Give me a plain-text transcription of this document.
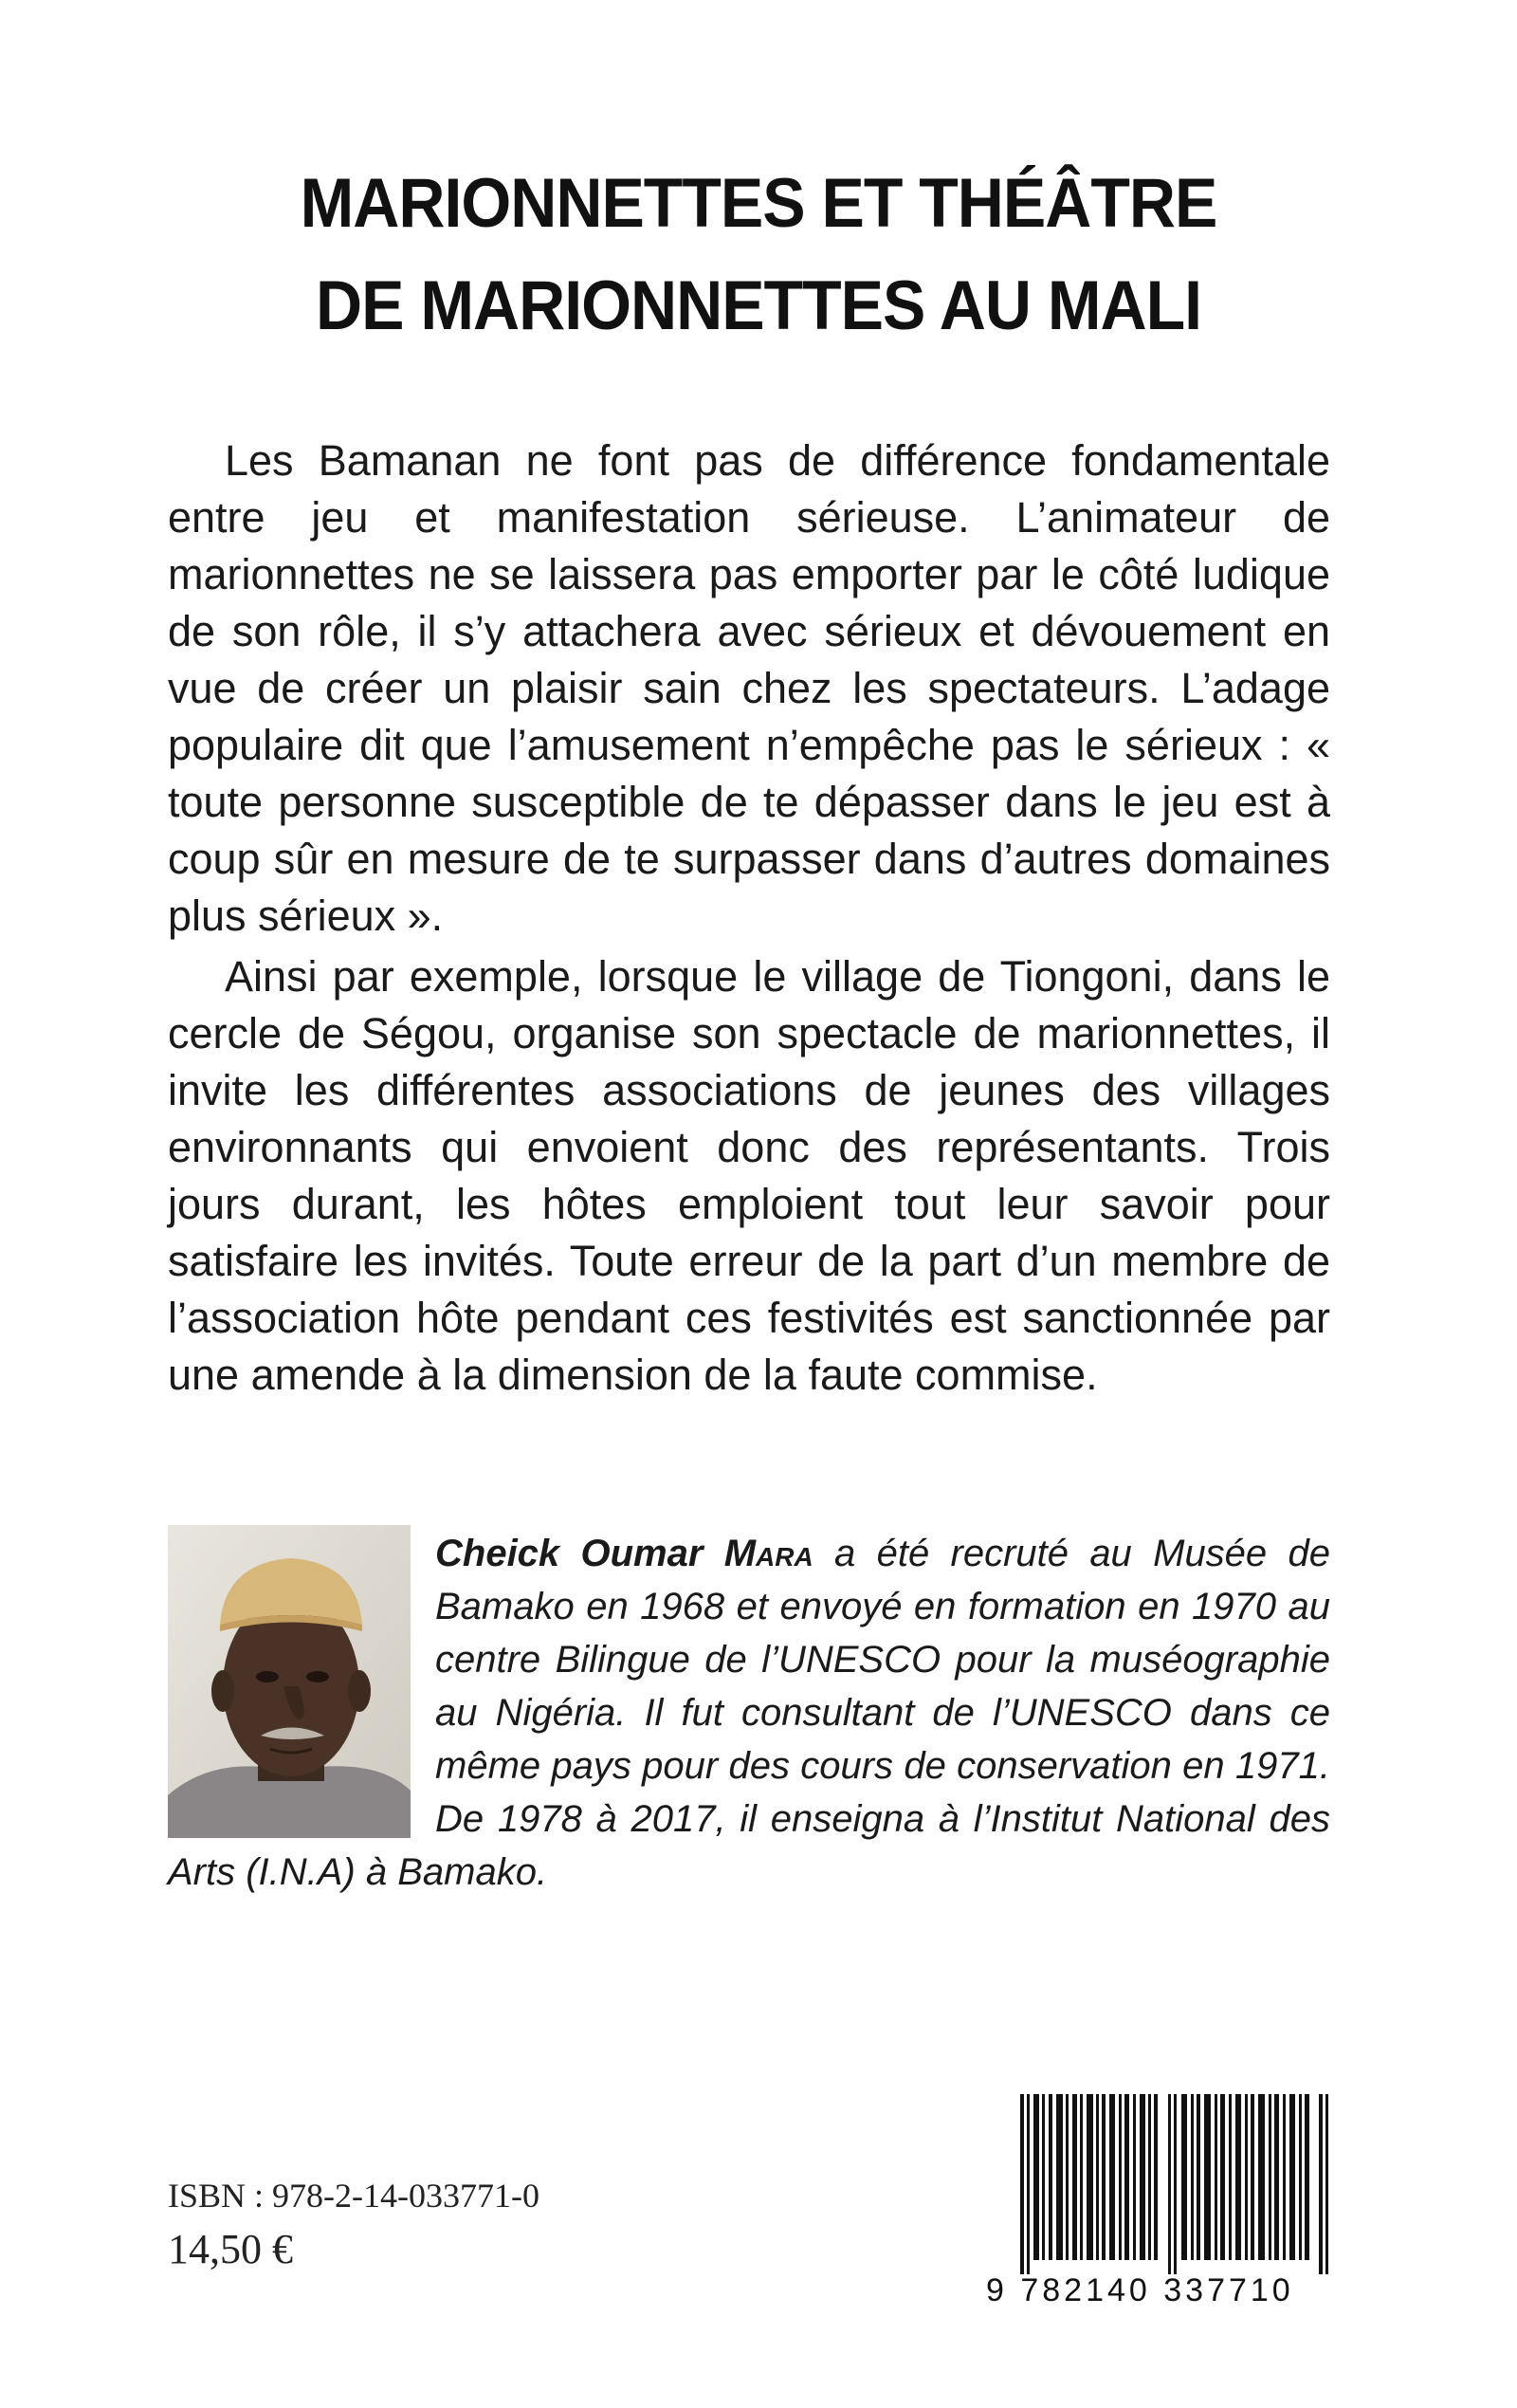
MARIONNETTES ET THÉÂTRE
DE MARIONNETTES AU MALI

Les Bamanan ne font pas de différence fondamentale entre jeu et manifestation sérieuse. L’animateur de marionnettes ne se laissera pas emporter par le côté ludique de son rôle, il s’y attachera avec sérieux et dévouement en vue de créer un plaisir sain chez les spectateurs. L’adage populaire dit que l’amusement n’empêche pas le sérieux : « toute personne susceptible de te dépasser dans le jeu est à coup sûr en mesure de te surpasser dans d’autres domaines plus sérieux ».

Ainsi par exemple, lorsque le village de Tiongoni, dans le cercle de Ségou, organise son spectacle de marionnettes, il invite les différentes associations de jeunes des villages environnants qui envoient donc des représentants. Trois jours durant, les hôtes emploient tout leur savoir pour satisfaire les invités. Toute erreur de la part d’un membre de l’association hôte pendant ces festivités est sanctionnée par une amende à la dimension de la faute commise.

Cheick Oumar Mara a été recruté au Musée de Bamako en 1968 et envoyé en formation en 1970 au centre Bilingue de l’UNESCO pour la muséographie au Nigéria. Il fut consultant de l’UNESCO dans ce même pays pour des cours de conservation en 1971. De 1978 à 2017, il enseigna à l’Institut National des Arts (I.N.A) à Bamako.

ISBN : 978-2-14-033771-0
14,50 €
9 782140 337710
